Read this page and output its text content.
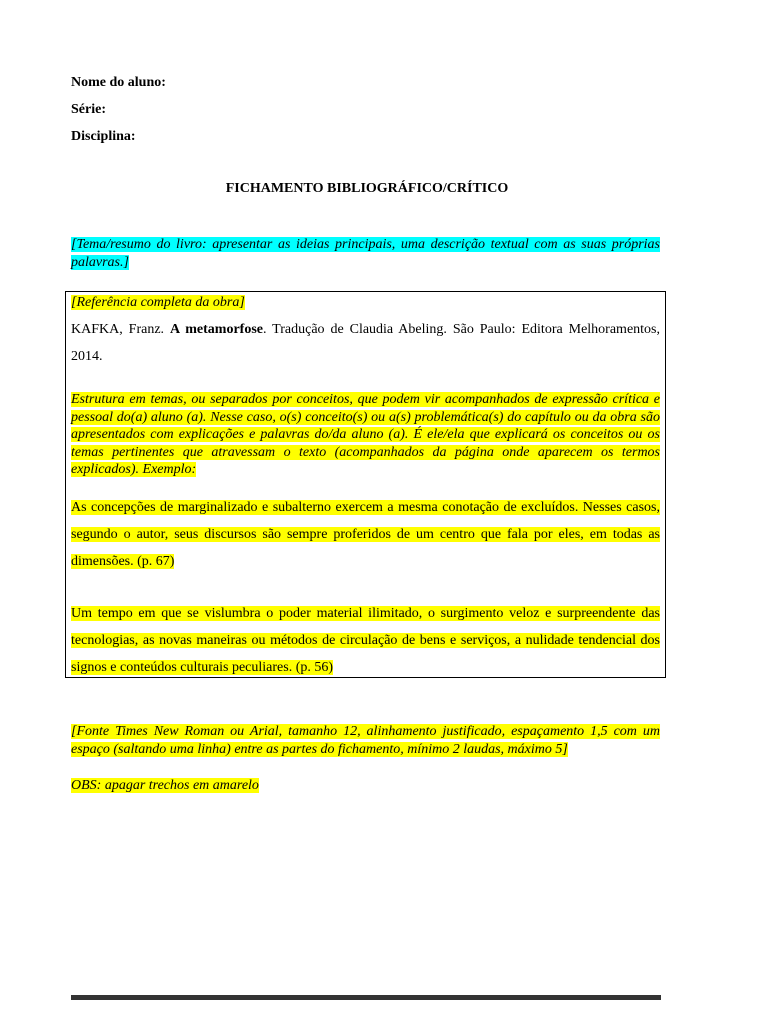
Nome do aluno:
Série:
Disciplina:
FICHAMENTO BIBLIOGRÁFICO/CRÍTICO
[Tema/resumo do livro: apresentar as ideias principais, uma descrição textual com as suas próprias palavras.]
[Referência completa da obra]
KAFKA, Franz. A metamorfose. Tradução de Claudia Abeling. São Paulo: Editora Melhoramentos, 2014.
Estrutura em temas, ou separados por conceitos, que podem vir acompanhados de expressão crítica e pessoal do(a) aluno (a). Nesse caso, o(s) conceito(s) ou a(s) problemática(s) do capítulo ou da obra são apresentados com explicações e palavras do/da aluno (a). É ele/ela que explicará os conceitos ou os temas pertinentes que atravessam o texto (acompanhados da página onde aparecem os termos explicados). Exemplo:
As concepções de marginalizado e subalterno exercem a mesma conotação de excluídos. Nesses casos, segundo o autor, seus discursos são sempre proferidos de um centro que fala por eles, em todas as dimensões. (p. 67)
Um tempo em que se vislumbra o poder material ilimitado, o surgimento veloz e surpreendente das tecnologias, as novas maneiras ou métodos de circulação de bens e serviços, a nulidade tendencial dos signos e conteúdos culturais peculiares. (p. 56)
[Fonte Times New Roman ou Arial, tamanho 12, alinhamento justificado, espaçamento 1,5 com um espaço (saltando uma linha) entre as partes do fichamento, mínimo 2 laudas, máximo 5]
OBS: apagar trechos em amarelo
